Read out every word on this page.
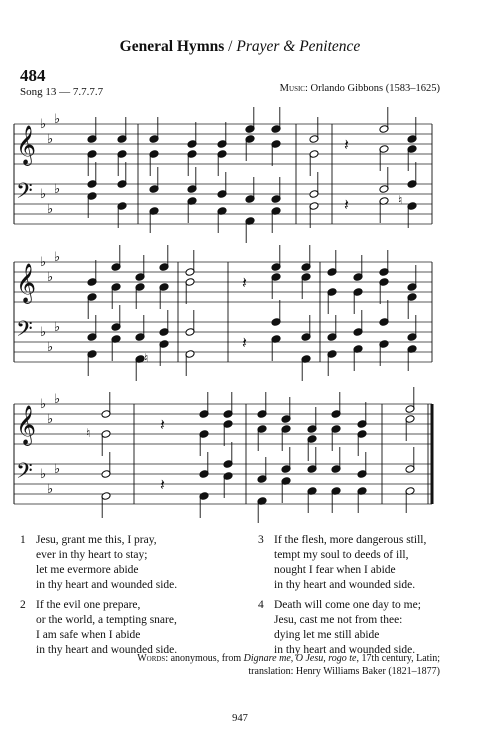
General Hymns / Prayer & Penitence
484
Song 13 — 7.7.7.7	Music: Orlando Gibbons (1583–1625)
𝄞
♭
♭
♭
𝄢 ♭
♭
♭
𝄽
𝄽	♮
𝄞
♭
♭
♭
𝄢 ♭
♭
♭
𝄽
𝄽
♮
𝄞
♭
♭
♭
𝄢 ♭
♭
♭
𝄽
𝄽
♮
1 Jesu, grant me this, I pray,
ever in thy heart to stay;
let me evermore abide
in thy heart and wounded side.
2 If the evil one prepare,
or the world, a tempting snare,
I am safe when I abide
in thy heart and wounded side.
3 If the flesh, more dangerous still,
tempt my soul to deeds of ill,
nought I fear when I abide
in thy heart and wounded side.
4 Death will come one day to me;
Jesu, cast me not from thee:
dying let me still abide
in thy heart and wounded side.
Words: anonymous, from Dignare me, O Jesu, rogo te, 17th century, Latin;
translation: Henry Williams Baker (1821–1877)
947
